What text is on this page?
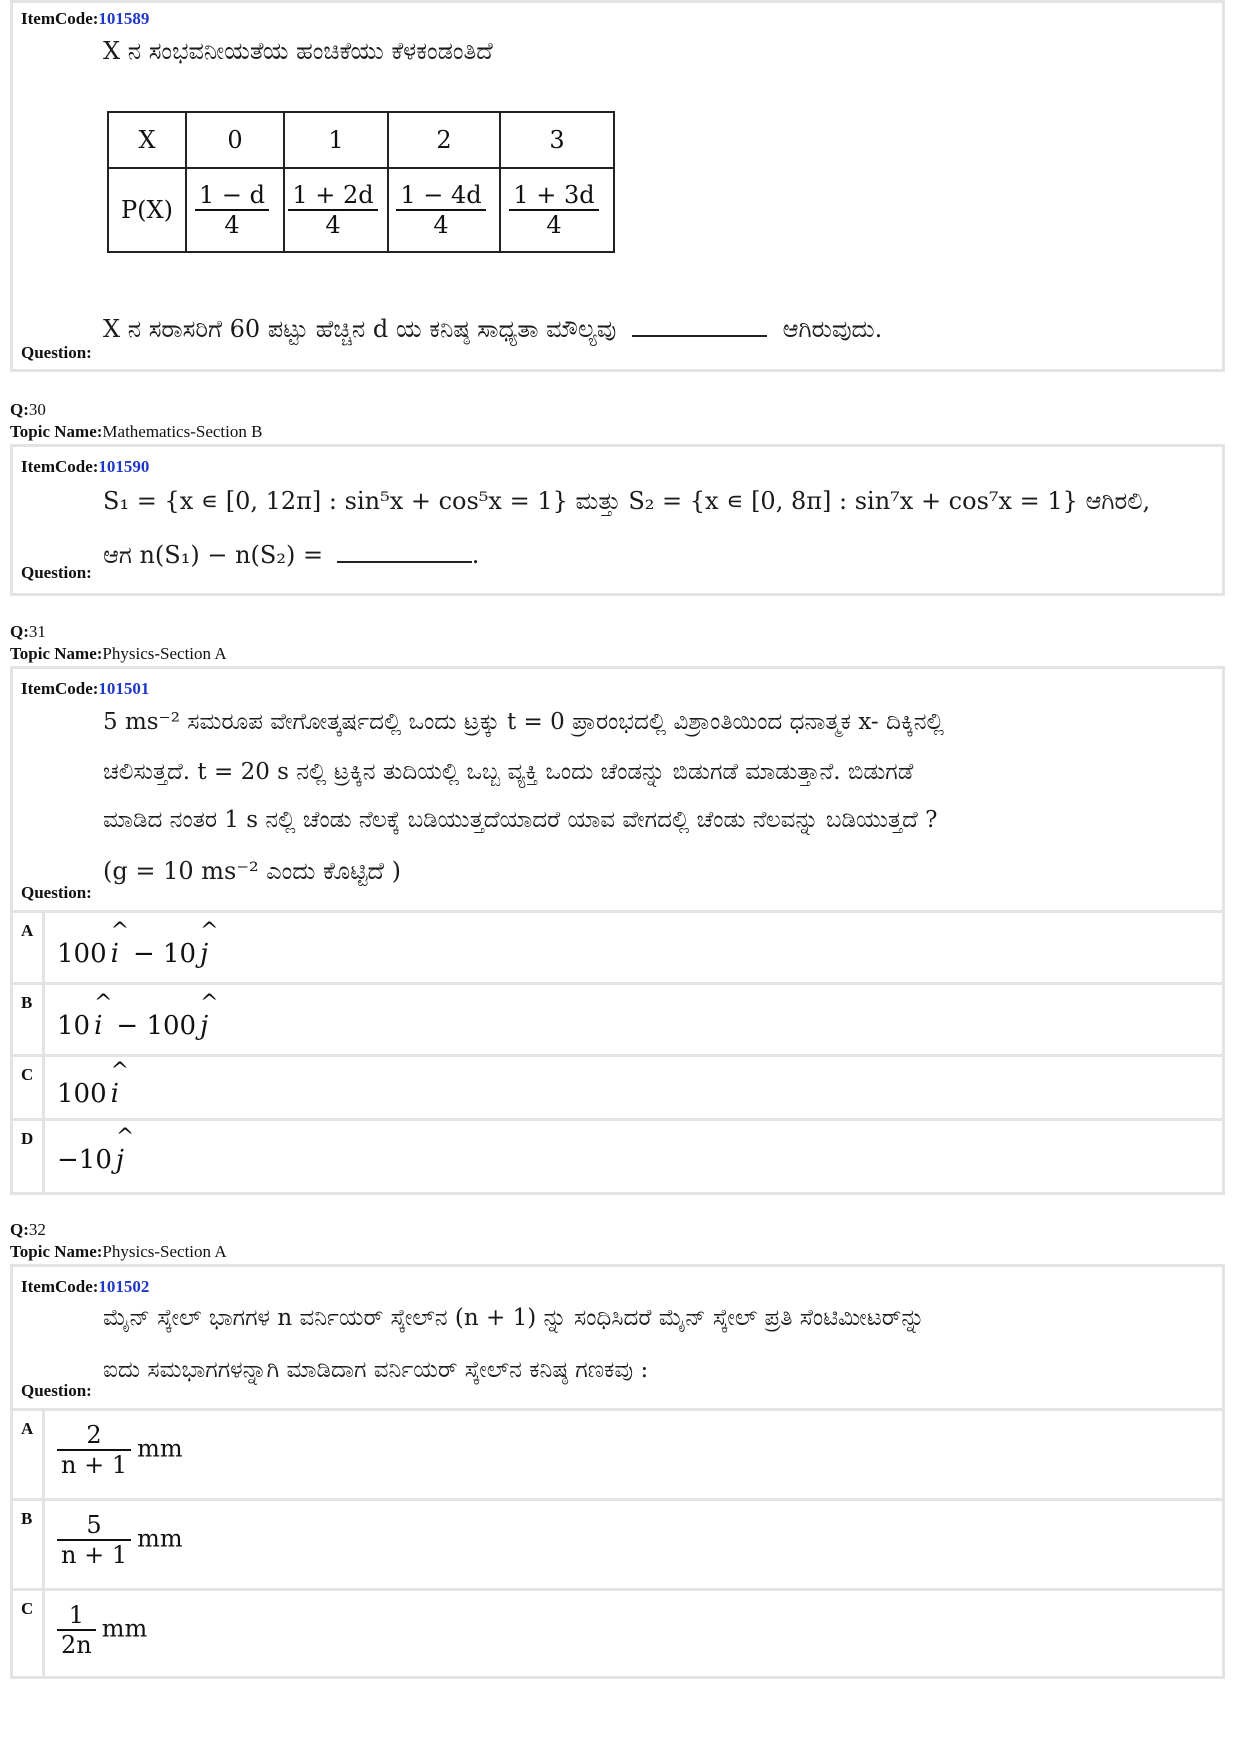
ItemCode:101589
X ನ ಸಂಭವನೀಯತೆಯ ಹಂಚಿಕೆಯು ಕೆಳಕಂಡಂತಿದೆ
X	0	1	2	3
P(X)	$\frac{1 - d}{4}$	$\frac{1 + 2d}{4}$	$\frac{1 - 4d}{4}$	$\frac{1 + 3d}{4}$
X ನ ಸರಾಸರಿಗೆ 60 ಪಟ್ಟು ಹೆಚ್ಚಿನ d ಯ ಕನಿಷ್ಠ ಸಾಧ್ಯತಾ ಮೌಲ್ಯವು	ಆಗಿರುವುದು.
Question:
Q:30
Topic Name:Mathematics-Section B
ItemCode:101590
S₁ = {x ∊ [0, 12π] : sin⁵x + cos⁵x = 1} ಮತ್ತು S₂ = {x ∊ [0, 8π] : sin⁷x + cos⁷x = 1} ಆಗಿರಲಿ,
ಆಗ n(S₁) − n(S₂) =	.
Question:
Q:31
Topic Name:Physics-Section A
ItemCode:101501
5 ms⁻² ಸಮರೂಪ ವೇಗೋತ್ಕರ್ಷದಲ್ಲಿ ಒಂದು ಟ್ರಕ್ಕು t = 0 ಪ್ರಾರಂಭದಲ್ಲಿ ವಿಶ್ರಾಂತಿಯಿಂದ ಧನಾತ್ಮಕ x- ದಿಕ್ಕಿನಲ್ಲಿ
ಚಲಿಸುತ್ತದೆ. t = 20 s ನಲ್ಲಿ ಟ್ರಕ್ಕಿನ ತುದಿಯಲ್ಲಿ ಒಬ್ಬ ವ್ಯಕ್ತಿ ಒಂದು ಚೆಂಡನ್ನು ಬಿಡುಗಡೆ ಮಾಡುತ್ತಾನೆ. ಬಿಡುಗಡೆ
ಮಾಡಿದ ನಂತರ 1 s ನಲ್ಲಿ ಚೆಂಡು ನೆಲಕ್ಕೆ ಬಡಿಯುತ್ತದೆಯಾದರೆ ಯಾವ ವೇಗದಲ್ಲಿ ಚೆಂಡು ನೆಲವನ್ನು ಬಡಿಯುತ್ತದೆ ?
(g = 10 ms⁻² ಎಂದು ಕೊಟ್ಟಿದೆ )
Question:
A
100 ^ i − 10 ^ j
B
10 ^ i − 100 ^ j
C
100 ^ i
D
−10 ^ j
Q:32
Topic Name:Physics-Section A
ItemCode:101502
ಮೈನ್ ಸ್ಕೇಲ್ ಭಾಗಗಳ n ವರ್ನಿಯರ್ ಸ್ಕೇಲ್‌ನ (n + 1) ನ್ನು ಸಂಧಿಸಿದರೆ ಮೈನ್ ಸ್ಕೇಲ್ ಪ್ರತಿ ಸೆಂಟಿಮೀಟರ್‌ನ್ನು
ಐದು ಸಮಭಾಗಗಳನ್ನಾಗಿ ಮಾಡಿದಾಗ ವರ್ನಿಯರ್ ಸ್ಕೇಲ್‌ನ ಕನಿಷ್ಠ ಗಣಕವು :
Question:
A $\frac{2}{n + 1}$ mm
B $\frac{5}{n + 1}$ mm
C $\frac{1}{2n}$ mm
